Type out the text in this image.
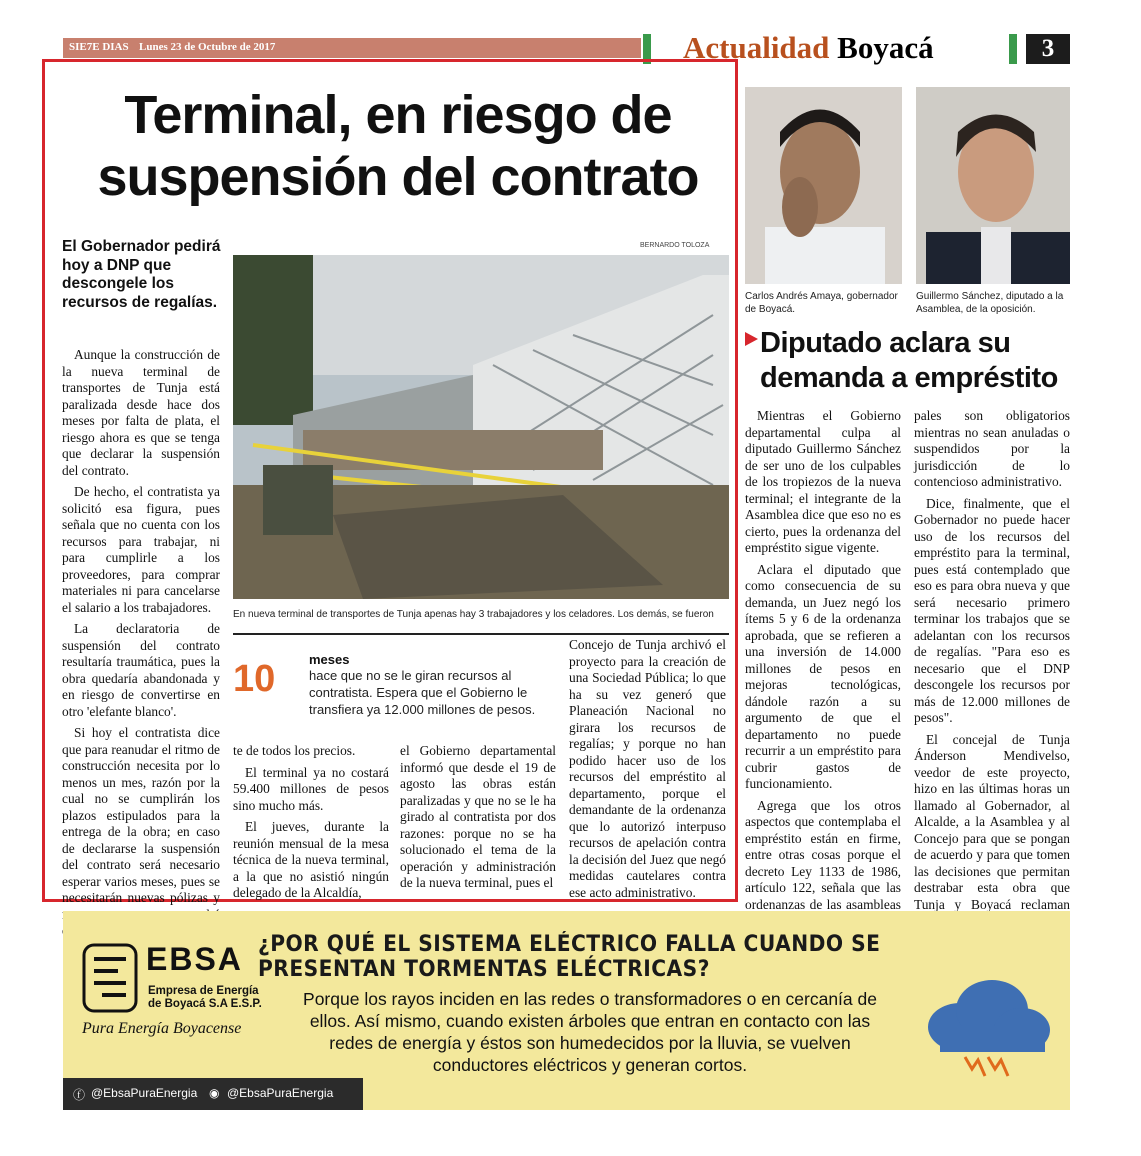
SIE7E DIAS Lunes 23 de Octubre de 2017	Actualidad Boyacá	3
Terminal, en riesgo de
suspensión del contrato
El Gobernador pedirá hoy a DNP que descongele los recursos de regalías.

Aunque la construcción de la nueva terminal de transportes de Tunja está paralizada desde hace dos meses por falta de plata, el riesgo ahora es que se tenga que declarar la suspensión del contrato.

De hecho, el contratista ya solicitó esa figura, pues señala que no cuenta con los recursos para trabajar, ni para cumplirle a los proveedores, para comprar materiales ni para cancelarse el salario a los trabajadores.

La declaratoria de suspensión del contrato resultaría traumática, pues la obra quedaría abandonada y en riesgo de convertirse en otro 'elefante blanco'.

Si hoy el contratista dice que para reanudar el ritmo de construcción necesita por lo menos un mes, razón por la cual no se cumplirán los plazos estipulados para la entrega de la obra; en caso de declararse la suspensión del contrato será necesario esperar varios meses, pues se necesitarán nuevas pólizas y

BERNARDO TOLOZA
En nueva terminal de transportes de Tunja apenas hay 3 trabajadores y los celadores. Los demás, se fueron
10	meses
hace que no se le giran recursos al contratista. Espera que el Gobierno le transfiera ya 12.000 millones de pesos.

te de todos los precios.

El terminal ya no costará 59.400 millones de pesos sino mucho más.

El jueves, durante la reunión mensual de la mesa técnica de la nueva terminal, a la que no asistió ningún delegado de la Alcaldía,

el Gobierno departamental informó que desde el 19 de agosto las obras están paralizadas y que no se le ha girado al contratista por dos razones: porque no se ha solucionado el tema de la operación y administración de la nueva terminal, pues el

Concejo de Tunja archivó el proyecto para la creación de una Sociedad Pública; lo que ha su vez generó que Planeación Nacional no girara los recursos de regalías; y porque no han podido hacer uso de los recursos del empréstito al departamento, porque el demandante de la ordenanza que lo autorizó interpuso recursos de apelación contra la decisión del Juez que negó medidas cautelares contra ese acto administrativo.

Carlos Andrés Amaya, gobernador de Boyacá.
Guillermo Sánchez, diputado a la Asamblea, de la oposición.
Diputado aclara su
demanda a empréstito

Mientras el Gobierno departamental culpa al diputado Guillermo Sánchez de ser uno de los culpables de los tropiezos de la nueva terminal; el integrante de la Asamblea dice que eso no es cierto, pues la ordenanza del empréstito sigue vigente.

Aclara el diputado que como consecuencia de su demanda, un Juez negó los ítems 5 y 6 de la ordenanza aprobada, que se refieren a una inversión de 14.000 millones de pesos en mejoras tecnológicas, dándole razón a su argumento de que el departamento no puede recurrir a un empréstito para cubrir gastos de funcionamiento.

Agrega que los otros aspectos que contemplaba el empréstito están en firme, entre otras cosas porque el decreto Ley 1133 de 1986, artículo 122, señala que las ordenanzas de las asambleas

pales son obligatorios mientras no sean anuladas o suspendidos por la jurisdicción de lo contencioso administrativo.

Dice, finalmente, que el Gobernador no puede hacer uso de los recursos del empréstito para la terminal, pues está contemplado que eso es para obra nueva y que será necesario primero terminar los trabajos que se adelantan con los recursos de regalías. "Para eso es necesario que el DNP descongele los recursos por más de 12.000 millones de pesos".

El concejal de Tunja Ánderson Mendivelso, veedor de este proyecto, hizo en las últimas horas un llamado al Gobernador, al Alcalde, a la Asamblea y al Concejo para que se pongan de acuerdo y para que tomen las decisiones que permitan destrabar esta obra que Tunja y Boyacá reclaman

EBSA
Empresa de Energía
de Boyacá S.A E.S.P.
Pura Energía Boyacense
¿POR QUÉ EL SISTEMA ELÉCTRICO FALLA CUANDO SE PRESENTAN TORMENTAS ELÉCTRICAS?
Porque los rayos inciden en las redes o transformadores o en cercanía de ellos. Así mismo, cuando existen árboles que entran en contacto con las redes de energía y éstos son humedecidos por la lluvia, se vuelven conductores eléctricos y generan cortos.
ⓕ @EbsaPuraEnergia ◉ @EbsaPuraEnergia
